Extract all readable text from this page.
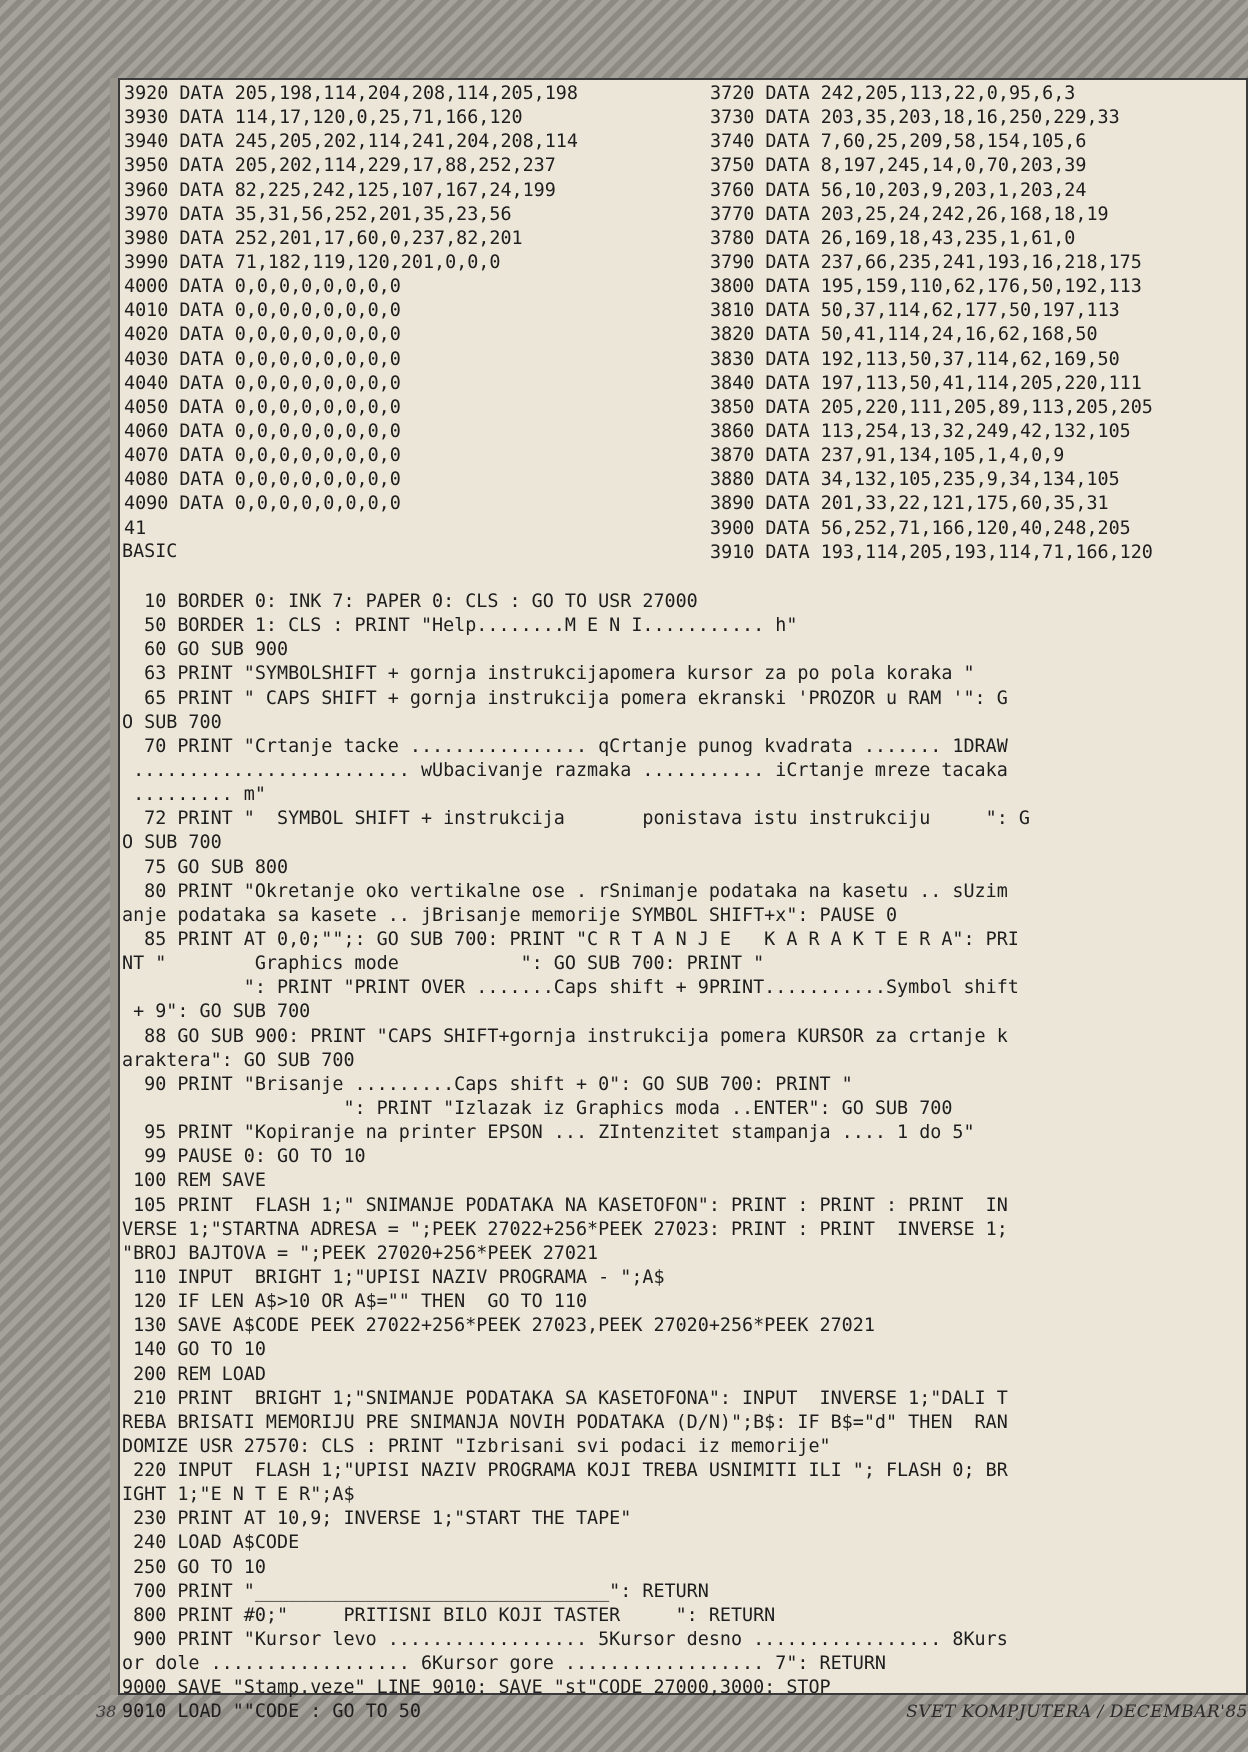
3920 DATA 205,198,114,204,208,114,205,198
3930 DATA 114,17,120,0,25,71,166,120
3940 DATA 245,205,202,114,241,204,208,114
3950 DATA 205,202,114,229,17,88,252,237
3960 DATA 82,225,242,125,107,167,24,199
3970 DATA 35,31,56,252,201,35,23,56
3980 DATA 252,201,17,60,0,237,82,201
3990 DATA 71,182,119,120,201,0,0,0
4000 DATA 0,0,0,0,0,0,0,0
4010 DATA 0,0,0,0,0,0,0,0
4020 DATA 0,0,0,0,0,0,0,0
4030 DATA 0,0,0,0,0,0,0,0
4040 DATA 0,0,0,0,0,0,0,0
4050 DATA 0,0,0,0,0,0,0,0
4060 DATA 0,0,0,0,0,0,0,0
4070 DATA 0,0,0,0,0,0,0,0
4080 DATA 0,0,0,0,0,0,0,0
4090 DATA 0,0,0,0,0,0,0,0
41
3720 DATA 242,205,113,22,0,95,6,3
3730 DATA 203,35,203,18,16,250,229,33
3740 DATA 7,60,25,209,58,154,105,6
3750 DATA 8,197,245,14,0,70,203,39
3760 DATA 56,10,203,9,203,1,203,24
3770 DATA 203,25,24,242,26,168,18,19
3780 DATA 26,169,18,43,235,1,61,0
3790 DATA 237,66,235,241,193,16,218,175
3800 DATA 195,159,110,62,176,50,192,113
3810 DATA 50,37,114,62,177,50,197,113
3820 DATA 50,41,114,24,16,62,168,50
3830 DATA 192,113,50,37,114,62,169,50
3840 DATA 197,113,50,41,114,205,220,111
3850 DATA 205,220,111,205,89,113,205,205
3860 DATA 113,254,13,32,249,42,132,105
3870 DATA 237,91,134,105,1,4,0,9
3880 DATA 34,132,105,235,9,34,134,105
3890 DATA 201,33,22,121,175,60,35,31
3900 DATA 56,252,71,166,120,40,248,205
3910 DATA 193,114,205,193,114,71,166,120
BASIC
10 BORDER 0: INK 7: PAPER 0: CLS : GO TO USR 27000
50 BORDER 1: CLS : PRINT "Help........M E N I........... h"
60 GO SUB 900
63 PRINT "SYMBOLSHIFT + gornja instrukcijapomera kursor za po pola koraka "
65 PRINT " CAPS SHIFT + gornja instrukcija pomera ekranski 'PROZOR u RAM '": G
O SUB 700
70 PRINT "Crtanje tacke ................ qCrtanje punog kvadrata ....... 1DRAW
......................... wUbacivanje razmaka ........... iCrtanje mreze tacaka
......... m"
72 PRINT "  SYMBOL SHIFT + instrukcija       ponistava istu instrukciju     ": G
O SUB 700
75 GO SUB 800
80 PRINT "Okretanje oko vertikalne ose . rSnimanje podataka na kasetu .. sUzim
anje podataka sa kasete .. jBrisanje memorije SYMBOL SHIFT+x": PAUSE 0
85 PRINT AT 0,0;"";: GO SUB 700: PRINT "C R T A N J E   K A R A K T E R A": PRI
NT "        Graphics mode           ": GO SUB 700: PRINT "
": PRINT "PRINT OVER .......Caps shift + 9PRINT...........Symbol shift
+ 9": GO SUB 700
88 GO SUB 900: PRINT "CAPS SHIFT+gornja instrukcija pomera KURSOR za crtanje k
araktera": GO SUB 700
90 PRINT "Brisanje .........Caps shift + 0": GO SUB 700: PRINT "
": PRINT "Izlazak iz Graphics moda ..ENTER": GO SUB 700
95 PRINT "Kopiranje na printer EPSON ... ZIntenzitet stampanja .... 1 do 5"
99 PAUSE 0: GO TO 10
100 REM SAVE
105 PRINT  FLASH 1;" SNIMANJE PODATAKA NA KASETOFON": PRINT : PRINT : PRINT  IN
VERSE 1;"STARTNA ADRESA = ";PEEK 27022+256*PEEK 27023: PRINT : PRINT  INVERSE 1;
"BROJ BAJTOVA = ";PEEK 27020+256*PEEK 27021
110 INPUT  BRIGHT 1;"UPISI NAZIV PROGRAMA - ";A$
120 IF LEN A$>10 OR A$="" THEN  GO TO 110
130 SAVE A$CODE PEEK 27022+256*PEEK 27023,PEEK 27020+256*PEEK 27021
140 GO TO 10
200 REM LOAD
210 PRINT  BRIGHT 1;"SNIMANJE PODATAKA SA KASETOFONA": INPUT  INVERSE 1;"DALI T
REBA BRISATI MEMORIJU PRE SNIMANJA NOVIH PODATAKA (D/N)";B$: IF B$="d" THEN  RAN
DOMIZE USR 27570: CLS : PRINT "Izbrisani svi podaci iz memorije"
220 INPUT  FLASH 1;"UPISI NAZIV PROGRAMA KOJI TREBA USNIMITI ILI "; FLASH 0; BR
IGHT 1;"E N T E R";A$
230 PRINT AT 10,9; INVERSE 1;"START THE TAPE"
240 LOAD A$CODE
250 GO TO 10
700 PRINT "________________________________": RETURN
800 PRINT #0;"     PRITISNI BILO KOJI TASTER     ": RETURN
900 PRINT "Kursor levo .................. 5Kursor desno ................. 8Kurs
or dole .................. 6Kursor gore .................. 7": RETURN
9000 SAVE "Stamp.veze" LINE 9010: SAVE "st"CODE 27000,3000: STOP
9010 LOAD ""CODE : GO TO 50
38	SVET KOMPJUTERA / DECEMBAR'85
